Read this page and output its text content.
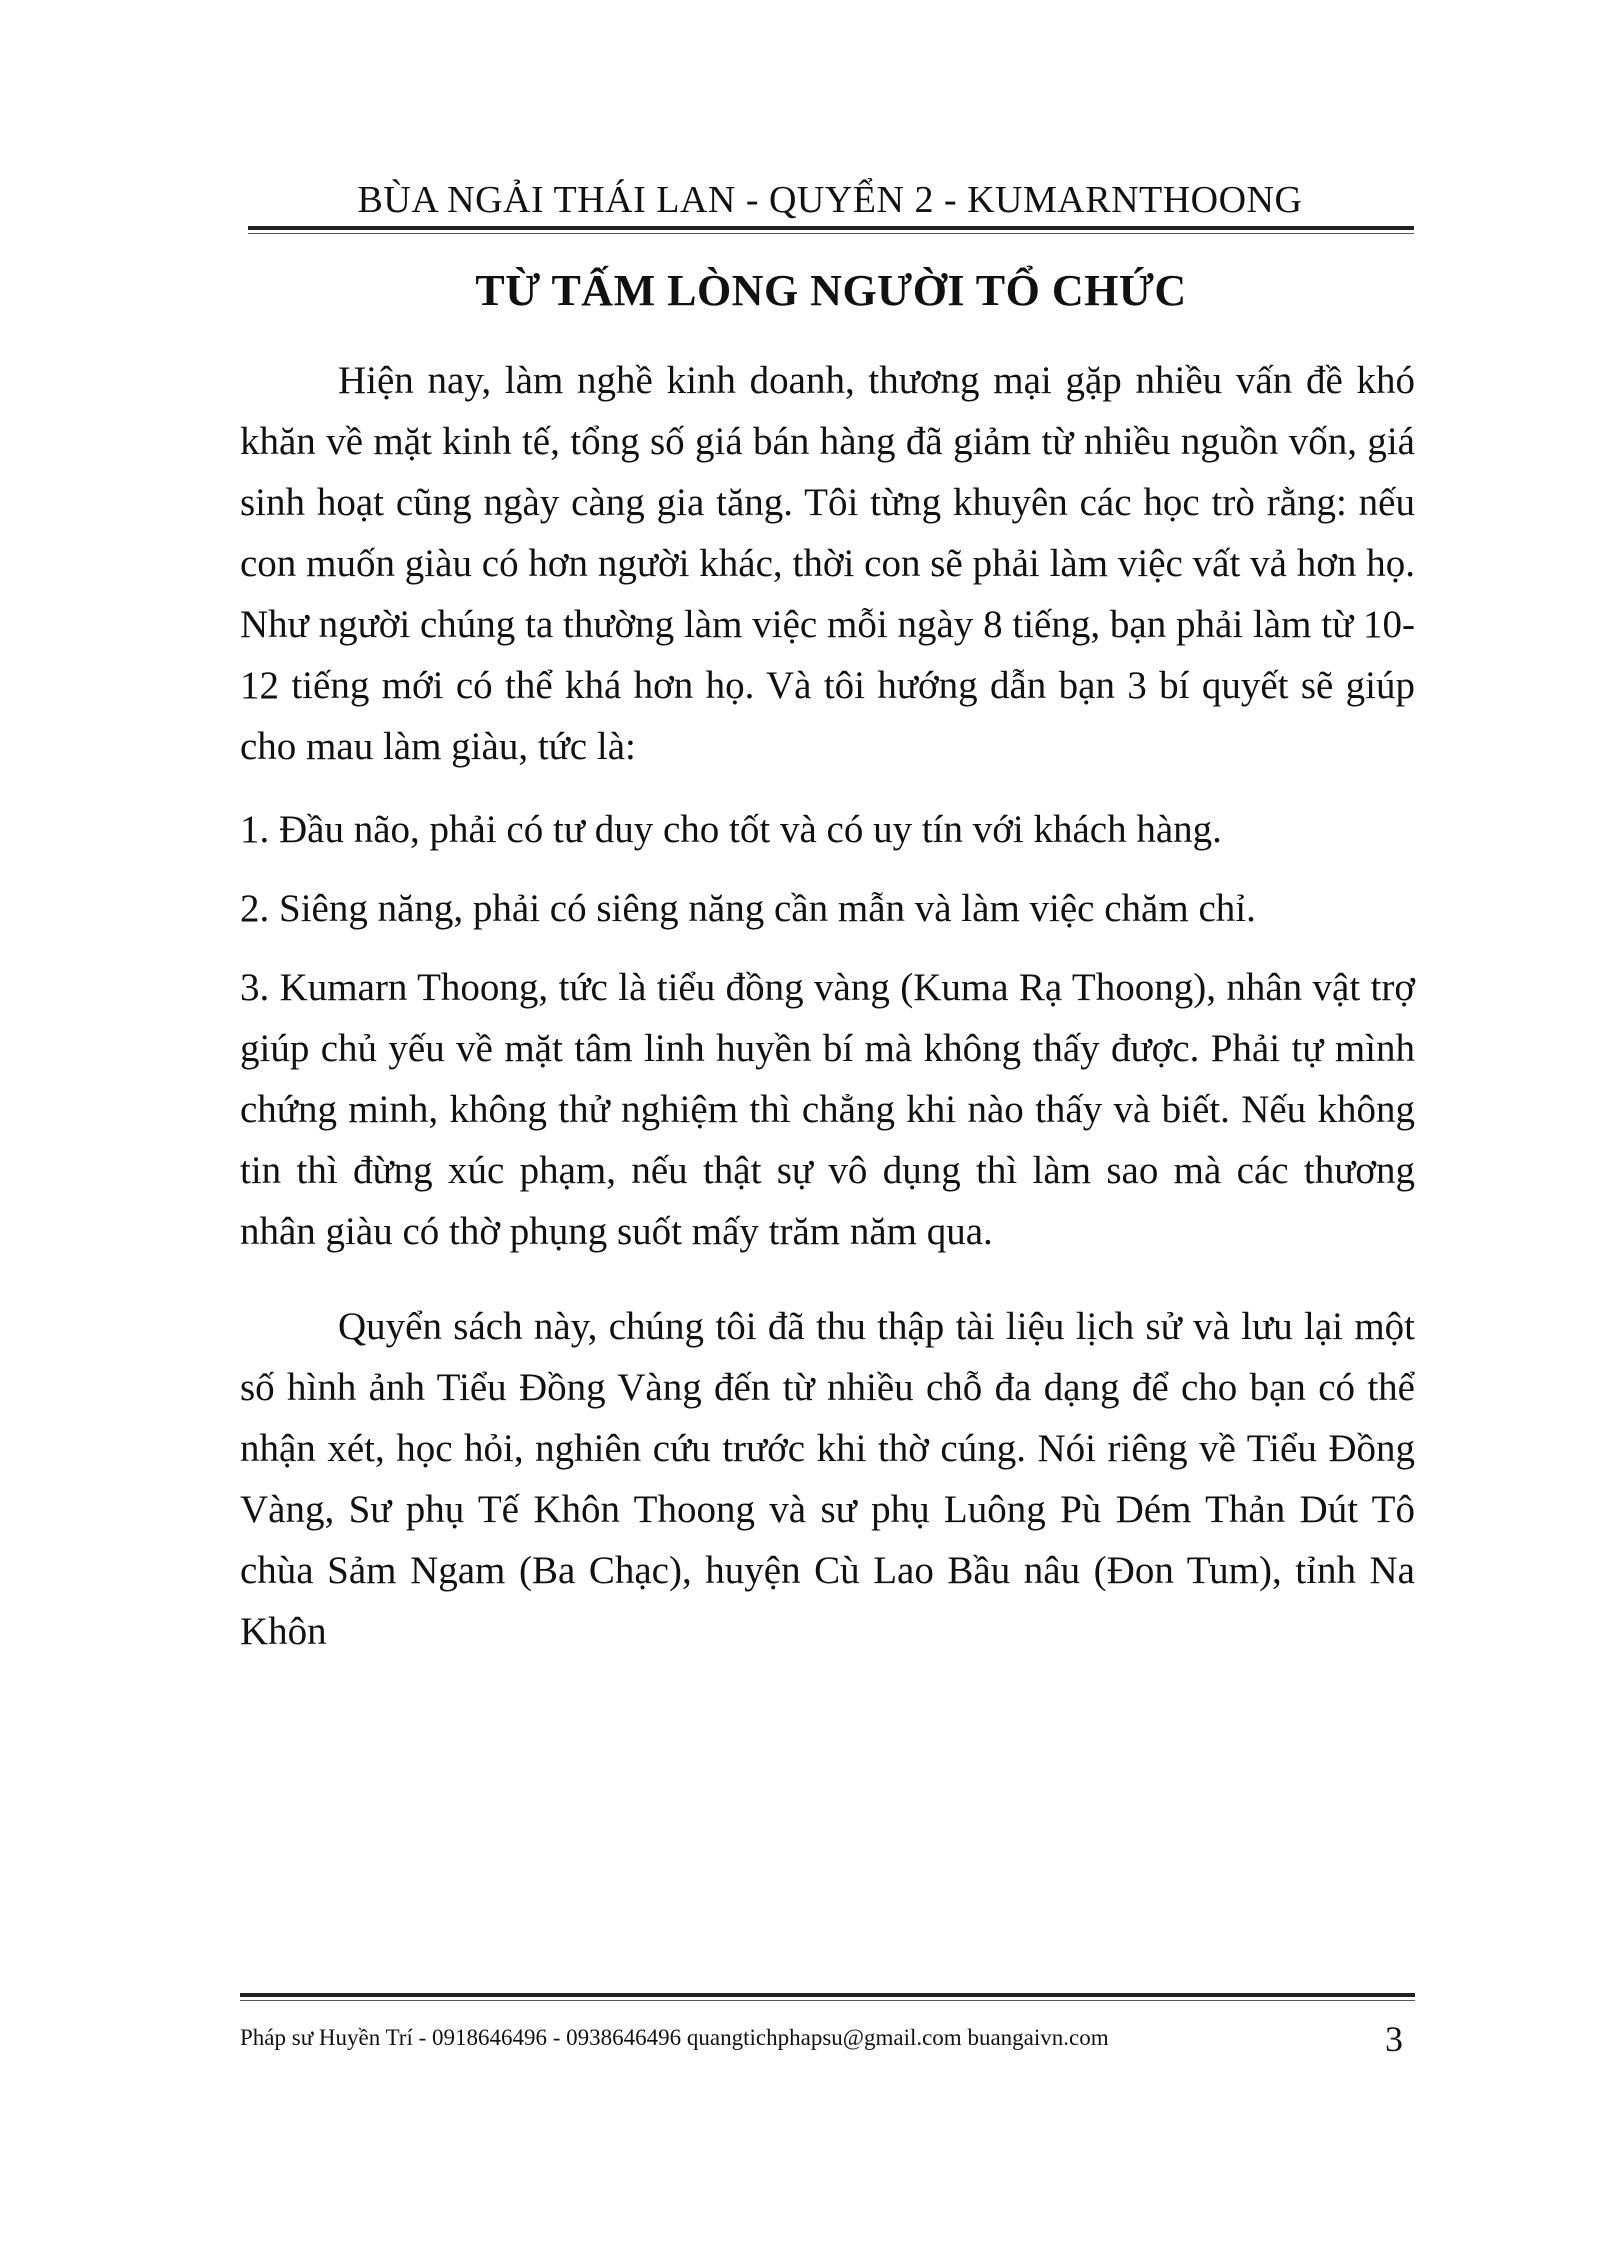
BÙA NGẢI THÁI LAN - QUYỂN 2 - KUMARNTHOONG
TỪ TẤM LÒNG NGƯỜI TỔ CHỨC

Hiện nay, làm nghề kinh doanh, thương mại gặp nhiều vấn đề khó khăn về mặt kinh tế, tổng số giá bán hàng đã giảm từ nhiều nguồn vốn, giá sinh hoạt cũng ngày càng gia tăng. Tôi từng khuyên các học trò rằng: nếu con muốn giàu có hơn người khác, thời con sẽ phải làm việc vất vả hơn họ. Như người chúng ta thường làm việc mỗi ngày 8 tiếng, bạn phải làm từ 10-12 tiếng mới có thể khá hơn họ. Và tôi hướng dẫn bạn 3 bí quyết sẽ giúp cho mau làm giàu, tức là:

1. Đầu não, phải có tư duy cho tốt và có uy tín với khách hàng.

2. Siêng năng, phải có siêng năng cần mẫn và làm việc chăm chỉ.

3. Kumarn Thoong, tức là tiểu đồng vàng (Kuma Rạ Thoong), nhân vật trợ giúp chủ yếu về mặt tâm linh huyền bí mà không thấy được. Phải tự mình chứng minh, không thử nghiệm thì chẳng khi nào thấy và biết. Nếu không tin thì đừng xúc phạm, nếu thật sự vô dụng thì làm sao mà các thương nhân giàu có thờ phụng suốt mấy trăm năm qua.

Quyển sách này, chúng tôi đã thu thập tài liệu lịch sử và lưu lại một số hình ảnh Tiểu Đồng Vàng đến từ nhiều chỗ đa dạng để cho bạn có thể nhận xét, học hỏi, nghiên cứu trước khi thờ cúng. Nói riêng về Tiểu Đồng Vàng, Sư phụ Tế Khôn Thoong và sư phụ Luông Pù Dém Thản Dút Tô chùa Sảm Ngam (Ba Chạc), huyện Cù Lao Bầu nâu (Đon Tum), tỉnh Na Khôn

Pháp sư Huyền Trí - 0918646496 - 0938646496 quangtichphapsu@gmail.com buangaivn.com	3
